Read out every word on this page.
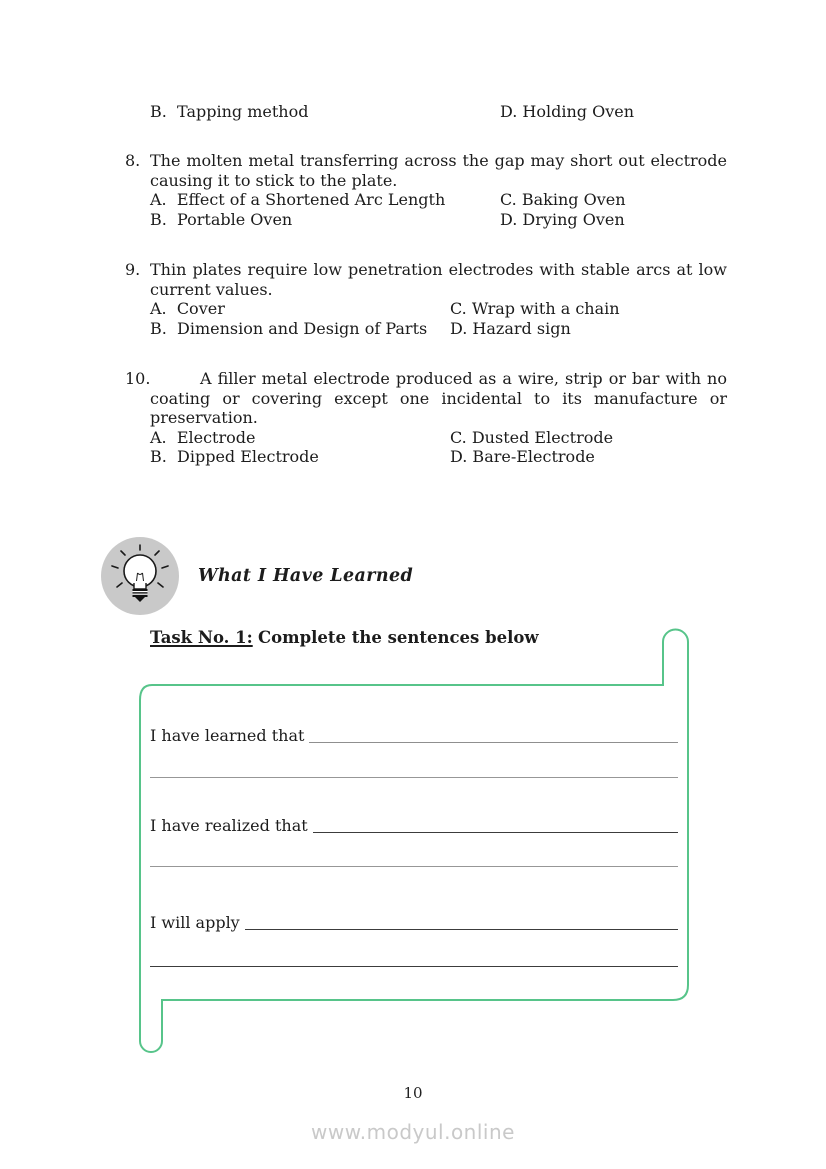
B.  Tapping method	D. Holding Oven
8. The molten metal transferring across the gap may short out electrode
causing it to stick to the plate.
A.  Effect of a Shortened Arc Length	C. Baking Oven
B.  Portable Oven	D. Drying Oven
9. Thin plates require low penetration electrodes with stable arcs at low
current values.
A.  Cover	C. Wrap with a chain
B.  Dimension and Design of Parts D. Hazard sign
10.	A filler metal electrode produced as a wire, strip or bar with no
coating or covering except one incidental to its manufacture or
preservation.
A.  Electrode	C. Dusted Electrode
B.  Dipped Electrode	D. Bare-Electrode
What I Have Learned
Task No. 1: Complete the sentences below
I have learned that
I have realized that
I will apply
10
www.modyul.online
